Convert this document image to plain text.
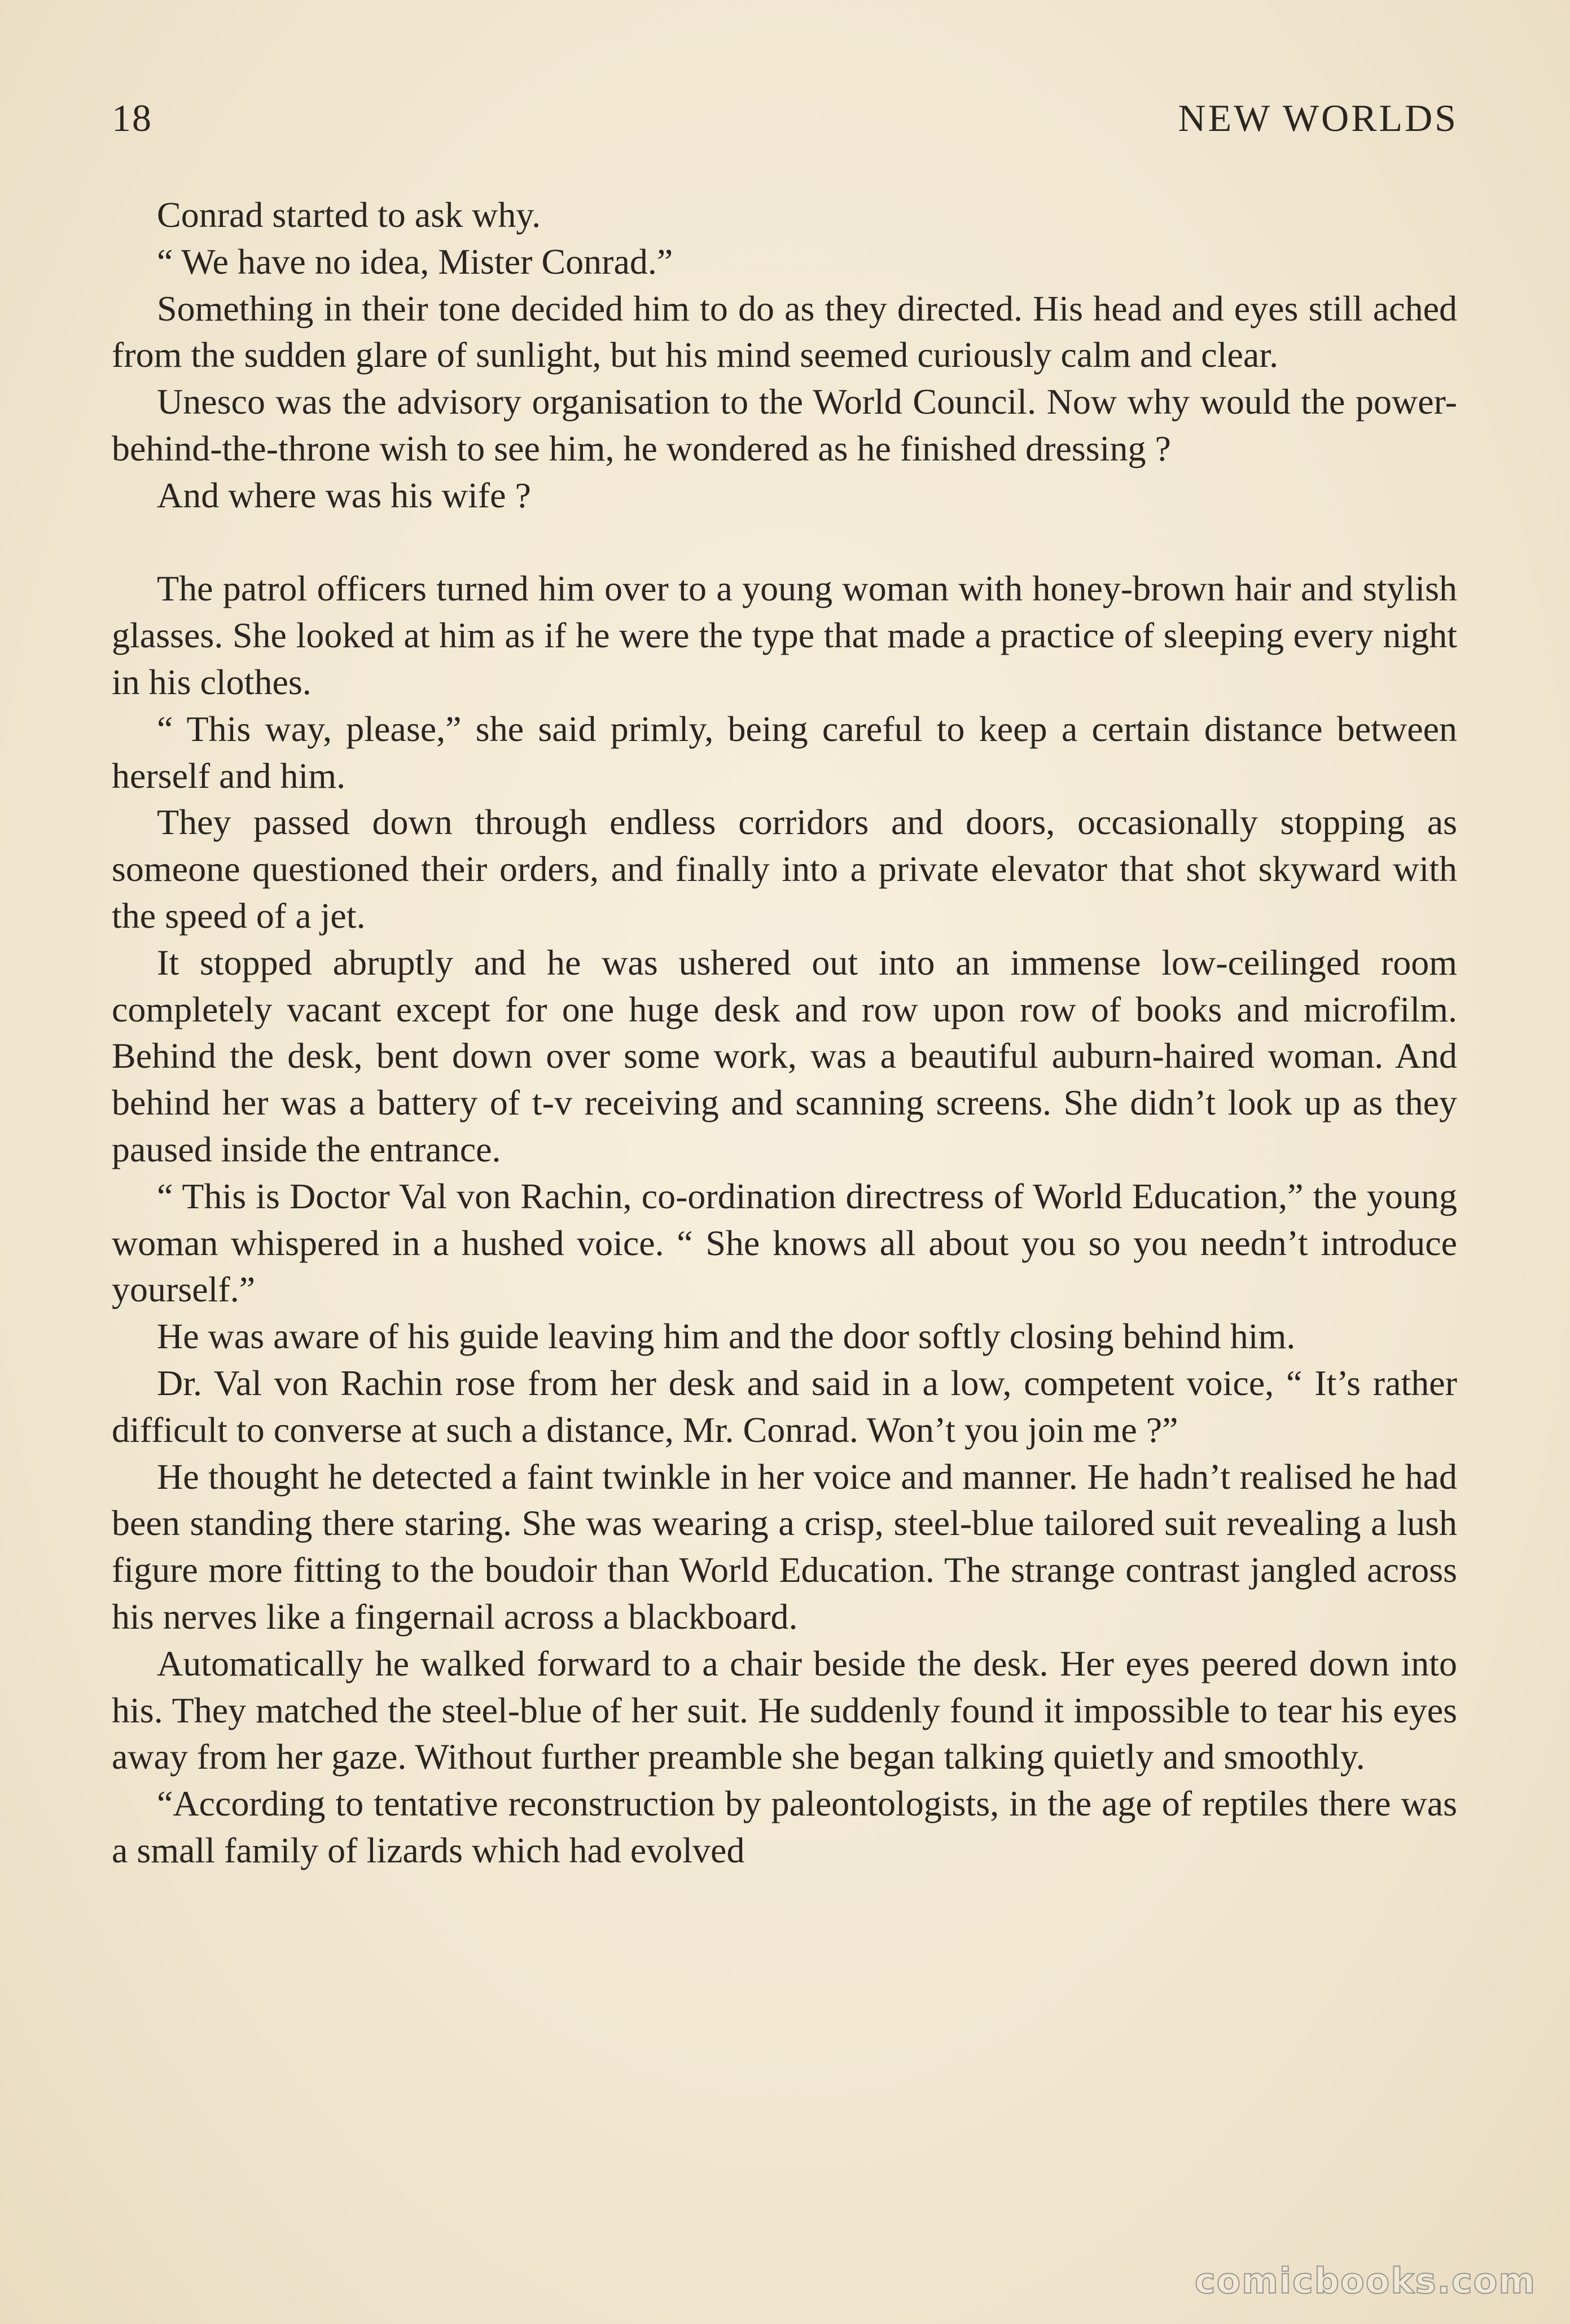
18	NEW WORLDS

Conrad started to ask why.

“ We have no idea, Mister Conrad.”

Something in their tone decided him to do as they directed. His head and eyes still ached from the sudden glare of sunlight, but his mind seemed curiously calm and clear.

Unesco was the advisory organisation to the World Council. Now why would the power-behind-the-throne wish to see him, he wondered as he finished dressing ?

And where was his wife ?

The patrol officers turned him over to a young woman with honey-brown hair and stylish glasses. She looked at him as if he were the type that made a practice of sleeping every night in his clothes.

“ This way, please,” she said primly, being careful to keep a certain distance between herself and him.

They passed down through endless corridors and doors, occasionally stopping as someone questioned their orders, and finally into a private elevator that shot skyward with the speed of a jet.

It stopped abruptly and he was ushered out into an immense low-ceilinged room completely vacant except for one huge desk and row upon row of books and microfilm. Behind the desk, bent down over some work, was a beautiful auburn-haired woman. And behind her was a battery of t-v receiving and scanning screens. She didn’t look up as they paused inside the entrance.

“ This is Doctor Val von Rachin, co-ordination directress of World Education,” the young woman whispered in a hushed voice. “ She knows all about you so you needn’t introduce yourself.”

He was aware of his guide leaving him and the door softly closing behind him.

Dr. Val von Rachin rose from her desk and said in a low, competent voice, “ It’s rather difficult to converse at such a distance, Mr. Conrad. Won’t you join me ?”

He thought he detected a faint twinkle in her voice and manner. He hadn’t realised he had been standing there staring. She was wearing a crisp, steel-blue tailored suit revealing a lush figure more fitting to the boudoir than World Education. The strange contrast jangled across his nerves like a fingernail across a blackboard.

Automatically he walked forward to a chair beside the desk. Her eyes peered down into his. They matched the steel-blue of her suit. He suddenly found it impossible to tear his eyes away from her gaze. Without further preamble she began talking quietly and smoothly.

“According to tentative reconstruction by paleontologists, in the age of reptiles there was a small family of lizards which had evolved

comicbooks.com
